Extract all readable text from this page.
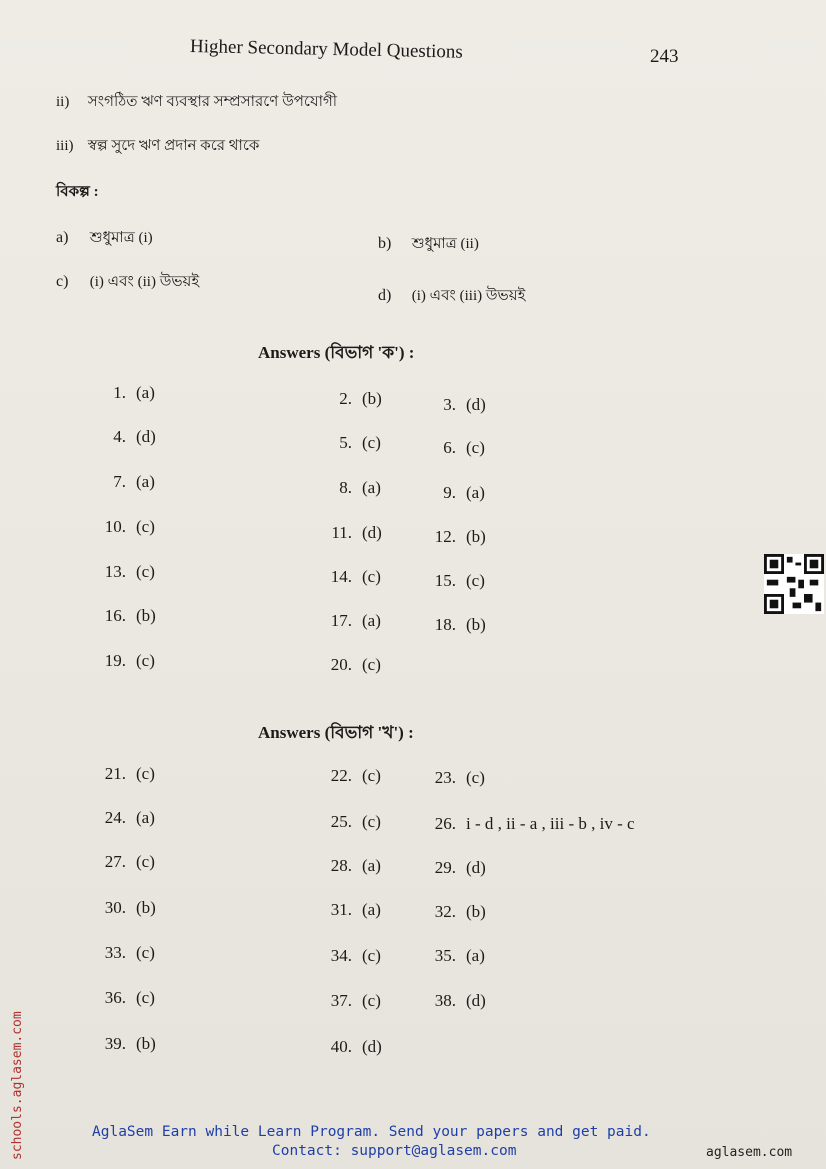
Higher Secondary Model Questions	243
ii) সংগঠিত ঋণ ব্যবস্থার সম্প্রসারণে উপযোগী
iii) স্বল্প সুদে ঋণ প্রদান করে থাকে
বিকল্প :
a) শুধুমাত্র (i)	b) শুধুমাত্র (ii)
c) (i) এবং (ii) উভয়ই
d) (i) এবং (iii) উভয়ই
Answers (বিভাগ 'ক') :
1. (a)	2. (b)	3. (d)
4. (d)	5. (c)	6. (c)
7. (a)	8. (a)	9. (a)
10. (c)	11. (d)	12. (b)
13. (c)	14. (c)	15. (c)
16. (b)	17. (a)	18. (b)
19. (c)	20. (c)
Answers (বিভাগ 'খ') :
21. (c)	22. (c)	23. (c)
24. (a)	25. (c)	26. i - d , ii - a , iii - b , iv - c
27. (c)	28. (a)	29. (d)
30. (b)	31. (a)	32. (b)
33. (c)	34. (c)	35. (a)
36. (c)	37. (c)	38. (d)
39. (b)	40. (d)
schools.aglasem.com	AglaSem Earn while Learn Program. Send your papers and get paid.
Contact: support@aglasem.com	aglasem.com
